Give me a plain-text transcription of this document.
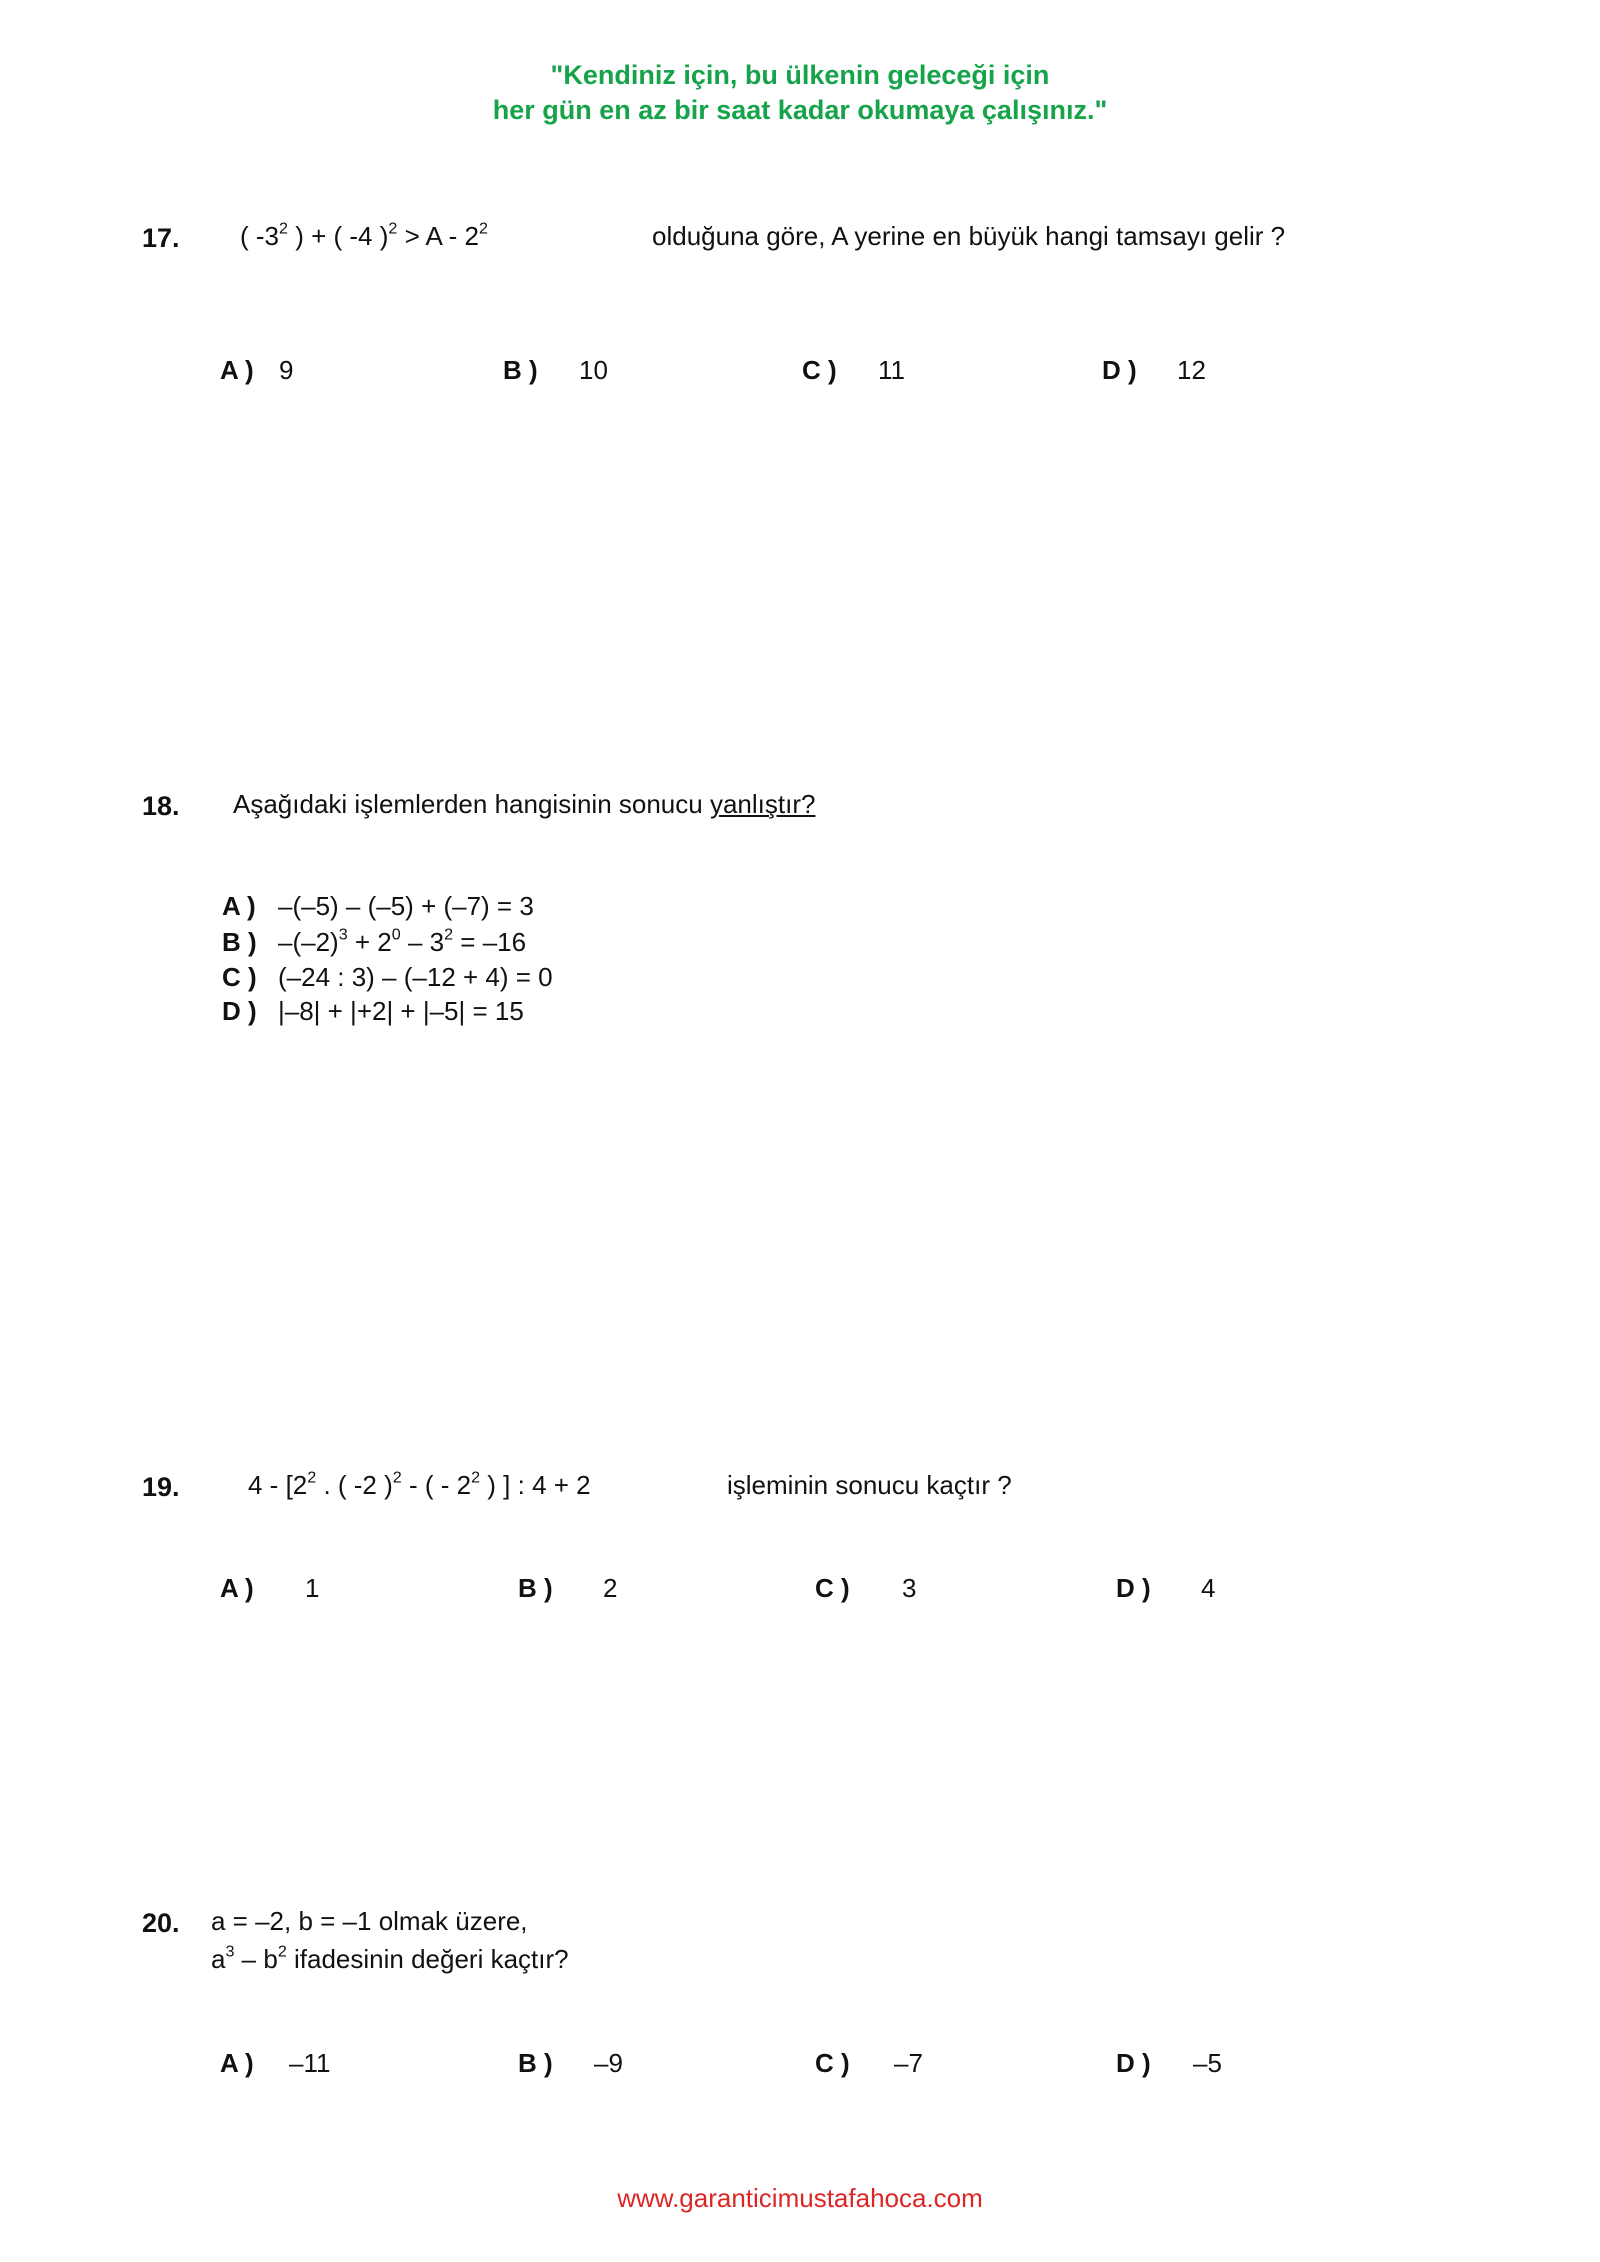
"Kendiniz için, bu ülkenin geleceği için
her gün en az bir saat kadar okumaya çalışınız."
17. ( $-3^2$ ) + ( -4 )$^2 > A - 2^2$	olduğuna göre, A yerine en büyük hangi tamsayı gelir ?
A ) 9	B ) 10	C ) 11	D ) 12
18. Aşağıdaki işlemlerden hangisinin sonucu yanlıştır?
A ) –(–5) – (–5) + (–7) = 3
B ) $-(-2)^3 + 2^0 - 3^2 = -16$
C ) (–24 : 3) – (–12 + 4) = 0
D ) |–8| + |+2| + |–5| = 15
19.	$4 - [2^2$ . ( -2 )$^2$ - ( - $2^2$ ) ] : 4 + 2	işleminin sonucu kaçtır ?
A ) 1	B ) 2	C ) 3	D ) 4
20. a = –2, b = –1 olmak üzere,
$a^3 - b^2$ ifadesinin değeri kaçtır?
A ) –11	B ) –9	C ) –7	D ) –5
www.garanticimustafahoca.com
